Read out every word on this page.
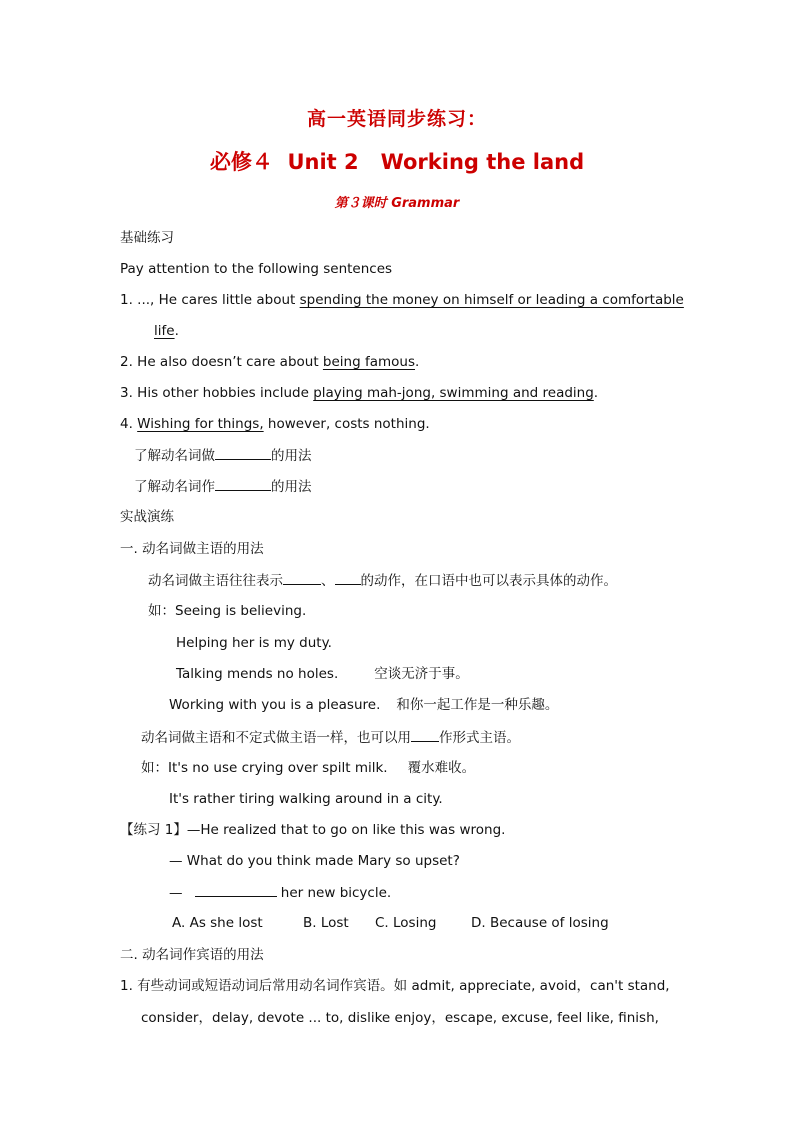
高一英语同步练习：
必修４  Unit 2   Working the land
第３课时 Grammar
基础练习
Pay attention to the following sentences
1. ..., He cares little about spending the money on himself or leading a comfortable
life.
2. He also doesn’t care about being famous.
3. His other hobbies include playing mah-jong, swimming and reading.
4. Wishing for things, however, costs nothing.
了解动名词做	的用法
了解动名词作	的用法
实战演练
一. 动名词做主语的用法
动名词做主语往往表示	、 的动作，在口语中也可以表示具体的动作。
如：Seeing is believing.
Helping her is my duty.
Talking mends no holes.	空谈无济于事。
Working with you is a pleasure. 和你一起工作是一种乐趣。
动名词做主语和不定式做主语一样，也可以用 作形式主语。
如：It's no use crying over spilt milk. 覆水难收。
It's rather tiring walking around in a city.
【练习 1】—He realized that to go on like this was wrong.
— What do you think made Mary so upset?
—	her new bicycle.
A. As she lost	B. Lost C. Losing	D. Because of losing
二. 动名词作宾语的用法
1. 有些动词或短语动词后常用动名词作宾语。如 admit, appreciate, avoid，can't stand,
consider，delay, devote ... to, dislike enjoy，escape, excuse, feel like, finish,
